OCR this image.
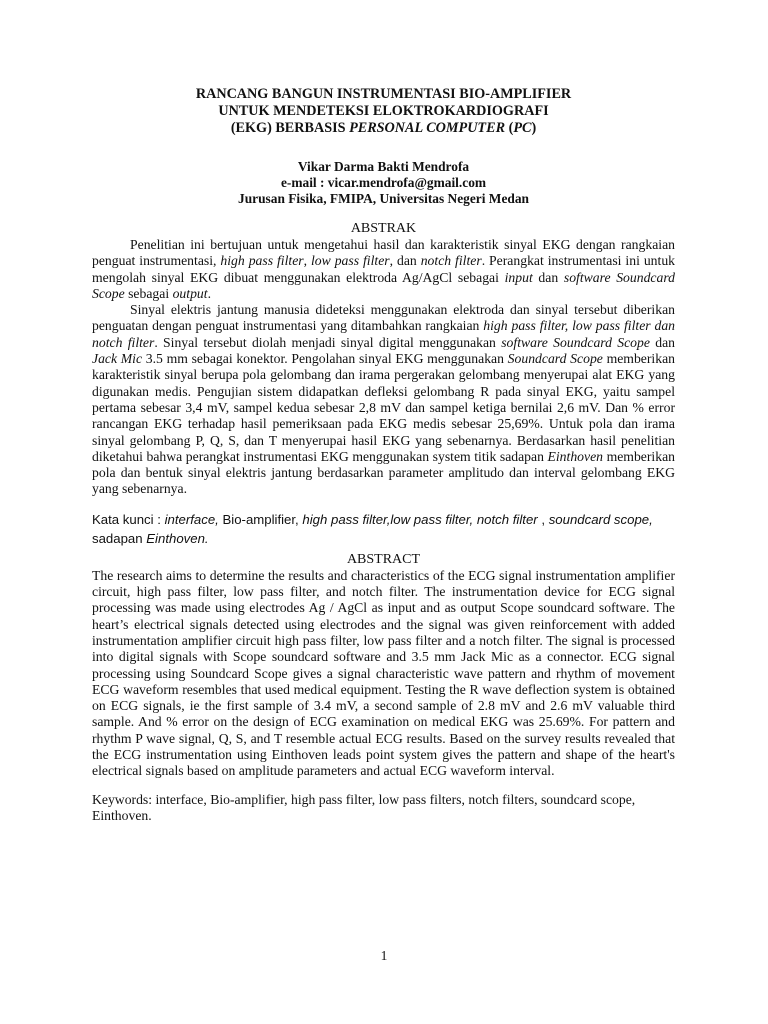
RANCANG BANGUN INSTRUMENTASI BIO-AMPLIFIER
UNTUK MENDETEKSI ELOKTROKARDIOGRAFI
(EKG) BERBASIS PERSONAL COMPUTER (PC)
Vikar Darma Bakti Mendrofa
e-mail : vicar.mendrofa@gmail.com
Jurusan Fisika, FMIPA, Universitas Negeri Medan
ABSTRAK

Penelitian ini bertujuan untuk mengetahui hasil dan karakteristik sinyal EKG dengan rangkaian penguat instrumentasi, high pass filter, low pass filter, dan notch filter. Perangkat instrumentasi ini untuk mengolah sinyal EKG dibuat menggunakan elektroda Ag/AgCl sebagai input dan software Soundcard Scope sebagai output.

Sinyal elektris jantung manusia dideteksi menggunakan elektroda dan sinyal tersebut diberikan penguatan dengan penguat instrumentasi yang ditambahkan rangkaian high pass filter, low pass filter dan notch filter. Sinyal tersebut diolah menjadi sinyal digital menggunakan software Soundcard Scope dan Jack Mic 3.5 mm sebagai konektor. Pengolahan sinyal EKG menggunakan Soundcard Scope memberikan karakteristik sinyal berupa pola gelombang dan irama pergerakan gelombang menyerupai alat EKG yang digunakan medis. Pengujian sistem didapatkan defleksi gelombang R pada sinyal EKG, yaitu sampel pertama sebesar 3,4 mV, sampel kedua sebesar 2,8 mV dan sampel ketiga bernilai 2,6 mV. Dan % error rancangan EKG terhadap hasil pemeriksaan pada EKG medis sebesar 25,69%. Untuk pola dan irama sinyal gelombang P, Q, S, dan T menyerupai hasil EKG yang sebenarnya. Berdasarkan hasil penelitian diketahui bahwa perangkat instrumentasi EKG menggunakan system titik sadapan Einthoven memberikan pola dan bentuk sinyal elektris jantung berdasarkan parameter amplitudo dan interval gelombang EKG yang sebenarnya.

Kata kunci : interface, Bio-amplifier, high pass filter,low pass filter, notch filter , soundcard scope, sadapan Einthoven.
ABSTRACT

The research aims to determine the results and characteristics of the ECG signal instrumentation amplifier circuit, high pass filter, low pass filter, and notch filter. The instrumentation device for ECG signal processing was made using electrodes Ag / AgCl as input and as output Scope soundcard software. The heart’s electrical signals detected using electrodes and the signal was given reinforcement with added instrumentation amplifier circuit high pass filter, low pass filter and a notch filter. The signal is processed into digital signals with Scope soundcard software and 3.5 mm Jack Mic as a connector. ECG signal processing using Soundcard Scope gives a signal characteristic wave pattern and rhythm of movement ECG waveform resembles that used medical equipment. Testing the R wave deflection system is obtained on ECG signals, ie the first sample of 3.4 mV, a second sample of 2.8 mV and 2.6 mV valuable third sample. And % error on the design of ECG examination on medical EKG was 25.69%. For pattern and rhythm P wave signal, Q, S, and T resemble actual ECG results. Based on the survey results revealed that the ECG instrumentation using Einthoven leads point system gives the pattern and shape of the heart's electrical signals based on amplitude parameters and actual ECG waveform interval.

Keywords: interface, Bio-amplifier, high pass filter, low pass filters, notch filters, soundcard scope, Einthoven.

1
